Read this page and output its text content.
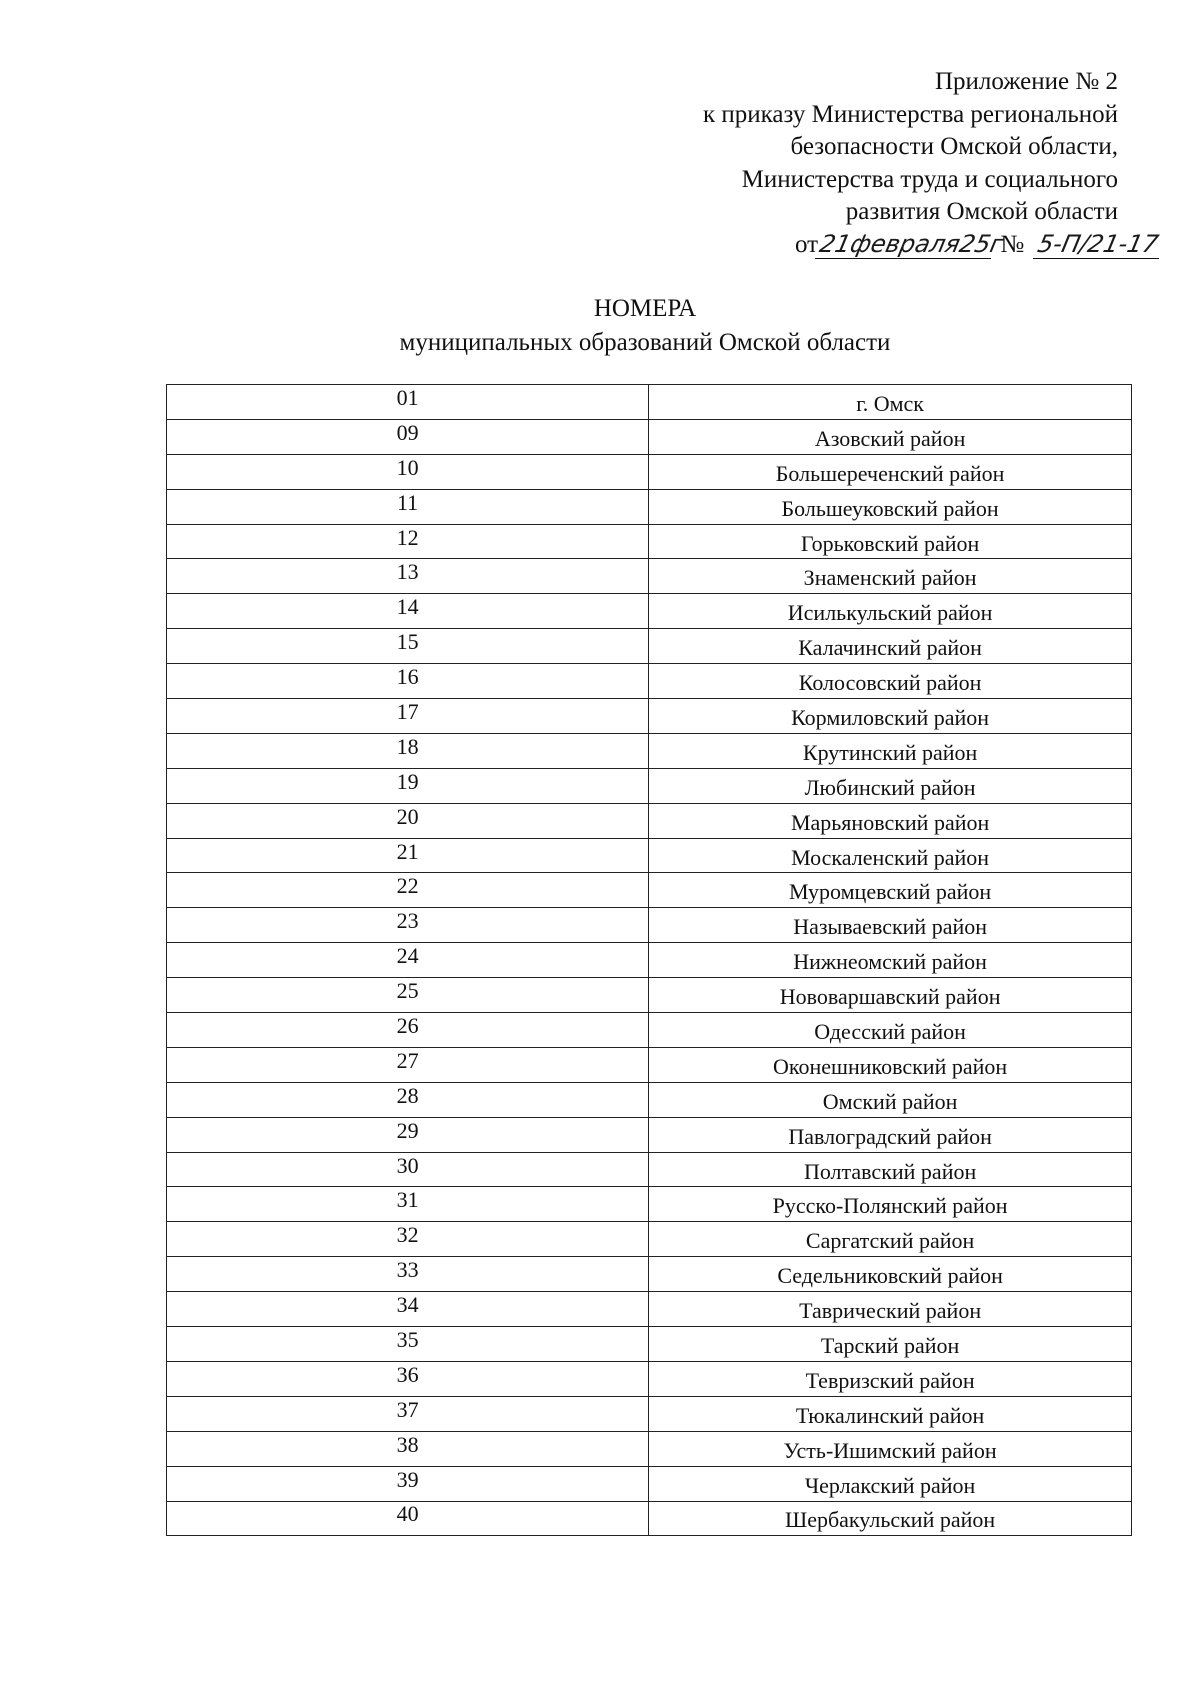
Приложение № 2
к приказу Министерства региональной
безопасности Омской области,
Министерства труда и социального
развития Омской области
от21февраля25г № 5-П/21-17
НОМЕРА
муниципальных образований Омской области
01	г. Омск
09	Азовский район
10	Большереченский район
11	Большеуковский район
12	Горьковский район
13	Знаменский район
14	Исилькульский район
15	Калачинский район
16	Колосовский район
17	Кормиловский район
18	Крутинский район
19	Любинский район
20	Марьяновский район
21	Москаленский район
22	Муромцевский район
23	Называевский район
24	Нижнеомский район
25	Нововаршавский район
26	Одесский район
27	Оконешниковский район
28	Омский район
29	Павлоградский район
30	Полтавский район
31	Русско-Полянский район
32	Саргатский район
33	Седельниковский район
34	Таврический район
35	Тарский район
36	Тевризский район
37	Тюкалинский район
38	Усть-Ишимский район
39	Черлакский район
40	Шербакульский район
